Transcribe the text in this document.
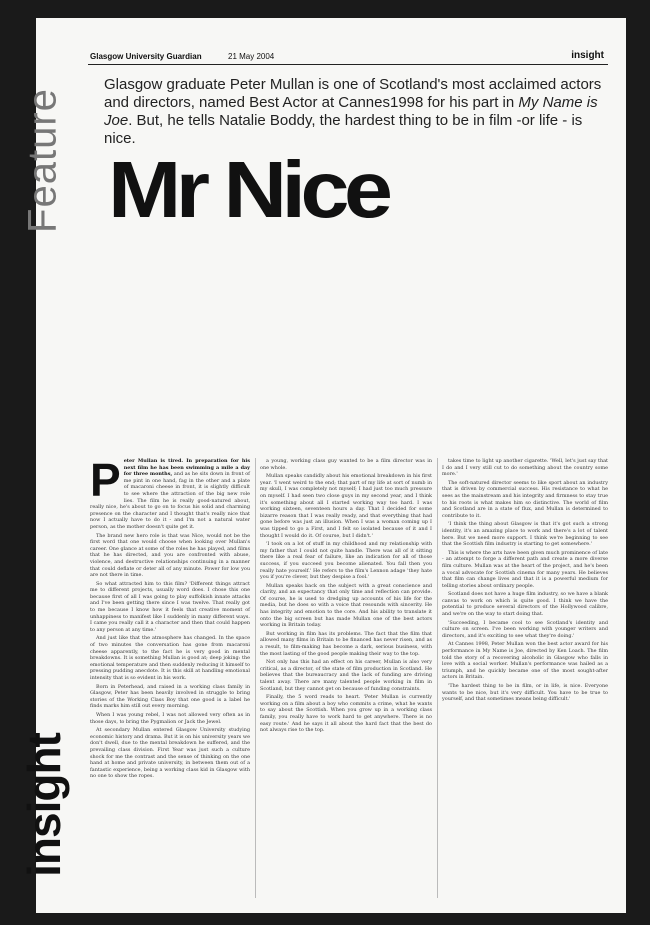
Feature
Glasgow University Guardian	21 May 2004	insight
Glasgow graduate Peter Mullan is one of Scotland's most acclaimed actors and directors, named Best Actor at Cannes1998 for his part in My Name is Joe. But, he tells Natalie Boddy, the hardest thing to be in film -or life - is nice.
Mr Nice
P eter Mullan is tired. In preparation for his next film he has been swimming a mile a day for three months, and as he sits down in front of me pint in one hand, fag in the other and a plate of macaroni cheese in front, it is slightly difficult to see where the attraction of the big new role lies. The film he is really good-natured about, really nice, he's about to go on to focus his solid and charming presence on the character and I thought that's really nice that now I actually have to do it - and I'm not a natural water person, as the mother doesn't quite get it.

The brand new hero role is that was Nice, would not be the first word that one would choose when looking over Mullan's career. One glance at some of the roles he has played, and films that he has directed, and you are confronted with abuse, violence, and destructive relationships continuing in a manner that could deflate or deter all of any minute. Power for low you are not there in time.

So what attracted him to this film? 'Different things attract me to different projects, usually word does. I chose this one because first of all I was going to play suffolkish innate attacks and I've been getting there since I was twelve. That really got to me because I know how it feels that creative moment of unhappiness to manifest like I suddenly in many different ways. I came you really call it a character and then that could happen to any person at any time.'

And just like that the atmosphere has changed. In the space of two minutes the conversation has gone from macaroni cheese apparently, to the fact he is very good in mental breakdowns. It is something Mullan is good at; deep joking: the emotional temperature and then suddenly reducing it himself to pressing pudding anecdote. It is this skill at handling emotional intensity that is so evident in his work.

Born in Peterhead, and raised in a working class family in Glasgow, Peter has been heavily involved in struggle to bring stories of the Working Class Boy that one good is a label he finds marks him still out every morning.

When I was young rebel, I was not allowed very often as in those days, to bring the Pygmalion or Jack the Jewel.

At secondary Mullan entered Glasgow University studying economic history and drama. But it is on his university years we don't dwell, due to the mental breakdown he suffered, and the prevailing class division. First Year was just such a culture shock for me the contrast and the sense of thinking on the one hand at home and private university, in between them out of a fantastic experience, being a working class kid in Glasgow with no one to show the ropes.

a young, working class guy wanted to be a film director was in one whole.

Mullan speaks candidly about his emotional breakdown in his first year. 'I went weird to the end; that part of my life at sort of numb in my skull, I was completely not myself; I had just too much pressure on myself. I had seen two close guys in my second year, and I think it's something about all I started working way too hard. I was working sixteen, seventeen hours a day. That I decided for some bizarre reason that I was really ready, and that everything that had gone before was just an illusion. When I was a woman coming up I was tipped to go a First, and I felt so isolated because of it and I thought I would do it. Of course, but I didn't.'

'I took on a lot of stuff in my childhood and my relationship with my father that I could not quite handle. There was all of it sitting there like a real fear of failure, like an indication for all of those success, if you succeed you become alienated. You fall then you really hate yourself.' He refers to the film's Lennon adage 'they hate you if you're clever, but they despise a fool.'

Mullan speaks back on the subject with a great conscience and clarity, and an expectancy that only time and reflection can provide. Of course, he is used to dredging up accounts of his life for the media, but he does so with a voice that resounds with sincerity. He has integrity and emotion to the core. And his ability to translate it onto the big screen but has made Mullan one of the best actors working in Britain today.

But working in film has its problems. The fact that the film that allowed many films in Britain to be financed has never risen, and as a result, to film-making has become a dark, serious business, with the most lasting of the good people making their way to the top.

Not only has this had an effect on his career, Mullan is also very critical, as a director, of the state of film production in Scotland. He believes that the bureaucracy and the lack of funding are driving talent away. There are many talented people working in film in Scotland, but they cannot get on because of funding constraints.

Finally, the 5 word reads to heart. 'Peter Mullan is currently working on a film about a boy who commits a crime, what he wants to say about the Scottish. When you grow up in a working class family, you really have to work hard to get anywhere. There is no easy route.' And he says it all about the hard fact that the best do not always rise to the top.

takes time to light up another cigarette. 'Well, let's just say that I do and I very still cut to do something about the country some more.'

The soft-natured director seems to like sport about an industry that is driven by commercial success. His resistance to what he sees as the mainstream and his integrity and firmness to stay true to his roots is what makes him so distinctive. The world of film and Scotland are in a state of flux, and Mullan is determined to contribute to it.

'I think the thing about Glasgow is that it's got such a strong identity, it's an amazing place to work and there's a lot of talent here. But we need more support. I think we're beginning to see that the Scottish film industry is starting to get somewhere.'

This is where the arts have been given much prominence of late - an attempt to forge a different path and create a more diverse film culture. Mullan was at the heart of the project, and he's been a vocal advocate for Scottish cinema for many years. He believes that film can change lives and that it is a powerful medium for telling stories about ordinary people.

Scotland does not have a huge film industry, so we have a blank canvas to work on which is quite good. I think we have the potential to produce several directors of the Hollywood calibre, and we're on the way to start doing that.

'Succeeding, I became cool to see Scotland's identity and culture on screen. I've been working with younger writers and directors, and it's exciting to see what they're doing.'

At Cannes 1998, Peter Mullan won the best actor award for his performance in My Name is Joe, directed by Ken Loach. The film told the story of a recovering alcoholic in Glasgow who falls in love with a social worker. Mullan's performance was hailed as a triumph, and he quickly became one of the most sought-after actors in Britain.

'The hardest thing to be in film, or in life, is nice. Everyone wants to be nice, but it's very difficult. You have to be true to yourself, and that sometimes means being difficult.'

insight
